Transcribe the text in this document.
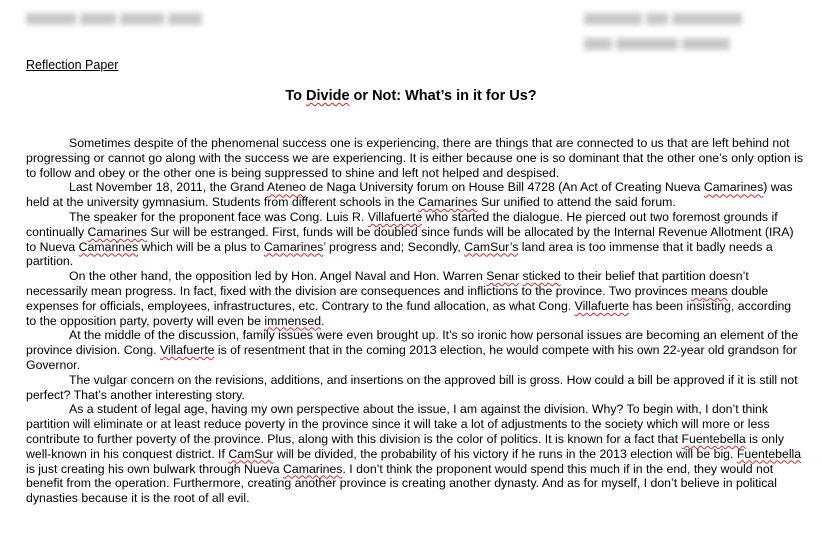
Reflection Paper
To Divide or Not: What’s in it for Us?

Sometimes despite of the phenomenal success one is experiencing, there are things that are connected to us that are left behind not progressing or cannot go along with the success we are experiencing. It is either because one is so dominant that the other one’s only option is to follow and obey or the other one is being suppressed to shine and left not helped and despised.

Last November 18, 2011, the Grand Ateneo de Naga University forum on House Bill 4728 (An Act of Creating Nueva Camarines) was held at the university gymnasium. Students from different schools in the Camarines Sur unified to attend the said forum.

The speaker for the proponent face was Cong. Luis R. Villafuerte who started the dialogue. He pierced out two foremost grounds if continually Camarines Sur will be estranged. First, funds will be doubled since funds will be allocated by the Internal Revenue Allotment (IRA) to Nueva Camarines which will be a plus to Camarines’ progress and; Secondly, CamSur’s land area is too immense that it badly needs a partition.

On the other hand, the opposition led by Hon. Angel Naval and Hon. Warren Senar sticked to their belief that partition doesn’t necessarily mean progress. In fact, fixed with the division are consequences and inflictions to the province. Two provinces means double expenses for officials, employees, infrastructures, etc. Contrary to the fund allocation, as what Cong. Villafuerte has been insisting, according to the opposition party, poverty will even be immensed.

At the middle of the discussion, family issues were even brought up. It’s so ironic how personal issues are becoming an element of the province division. Cong. Villafuerte is of resentment that in the coming 2013 election, he would compete with his own 22-year old grandson for Governor.

The vulgar concern on the revisions, additions, and insertions on the approved bill is gross. How could a bill be approved if it is still not perfect? That’s another interesting story.

As a student of legal age, having my own perspective about the issue, I am against the division. Why? To begin with, I don’t think partition will eliminate or at least reduce poverty in the province since it will take a lot of adjustments to the society which will more or less contribute to further poverty of the province. Plus, along with this division is the color of politics. It is known for a fact that Fuentebella is only well-known in his conquest district. If CamSur will be divided, the probability of his victory if he runs in the 2013 election will be big. Fuentebella is just creating his own bulwark through Nueva Camarines. I don’t think the proponent would spend this much if in the end, they would not benefit from the operation. Furthermore, creating another province is creating another dynasty. And as for myself, I don’t believe in political dynasties because it is the root of all evil.
